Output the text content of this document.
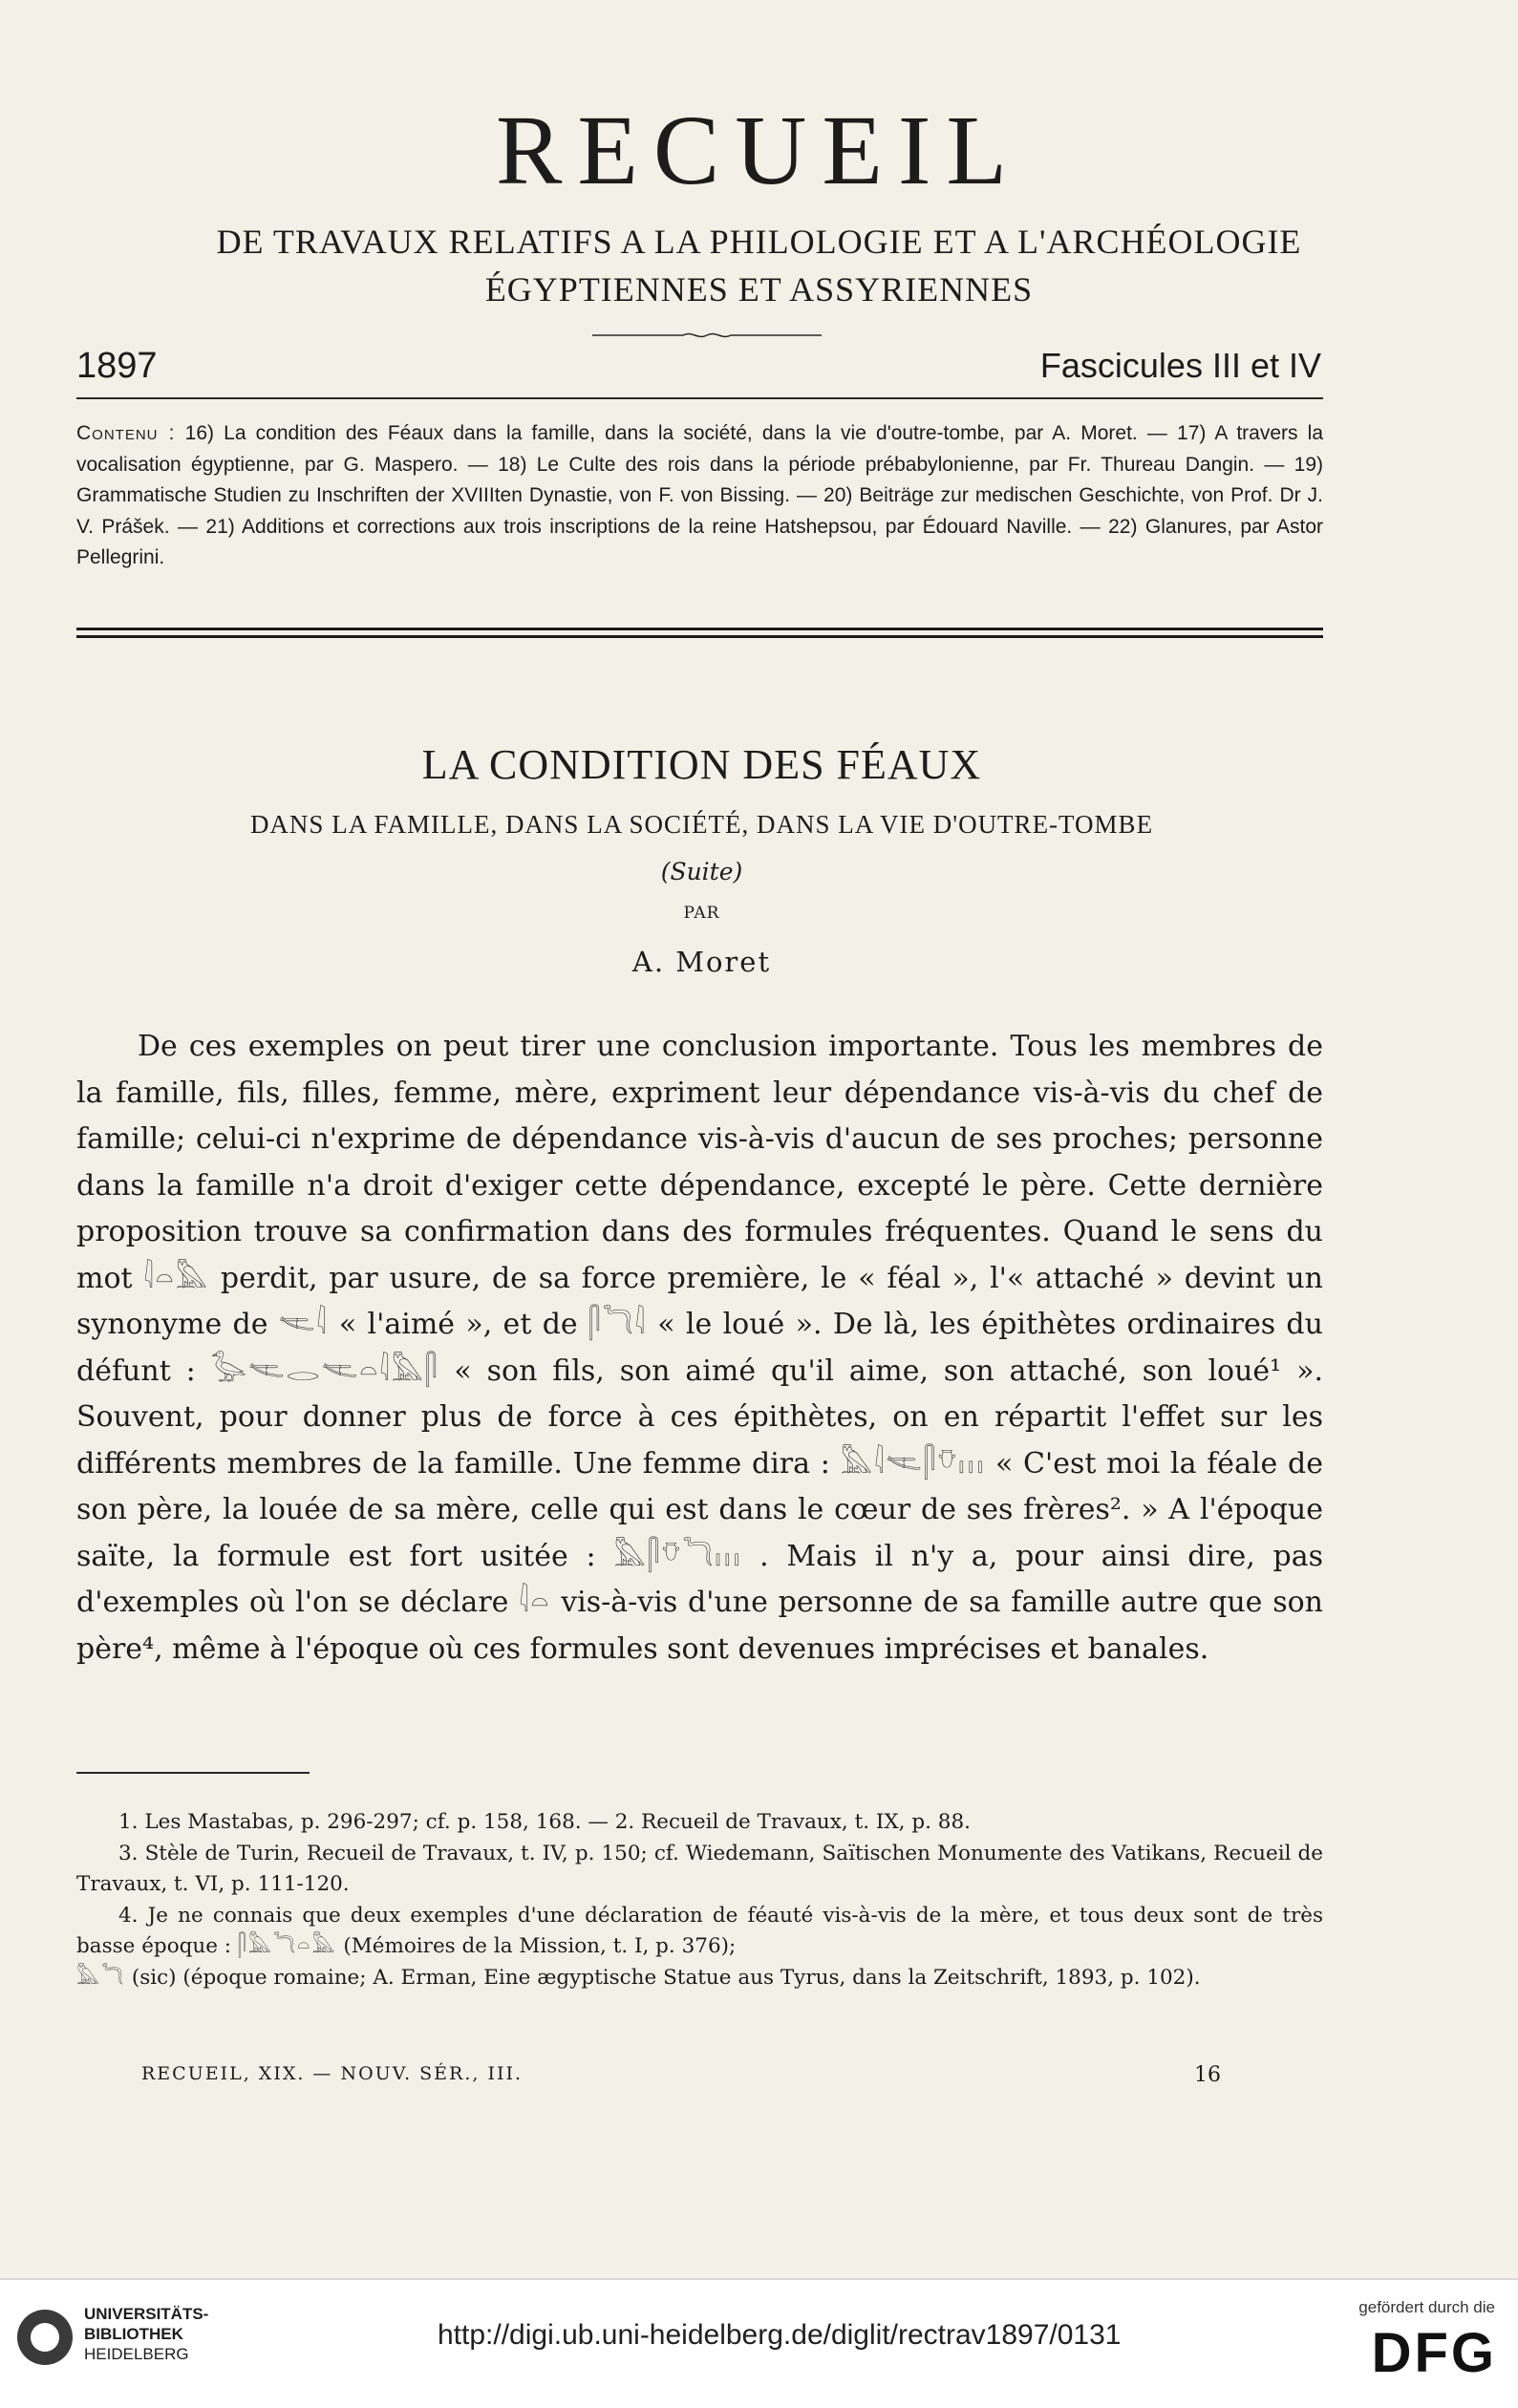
RECUEIL
DE TRAVAUX RELATIFS A LA PHILOLOGIE ET A L'ARCHÉOLOGIE
ÉGYPTIENNES ET ASSYRIENNES
1897	Fascicules III et IV
Contenu : 16) La condition des Féaux dans la famille, dans la société, dans la vie d'outre-tombe, par A. Moret. — 17) A travers la vocalisation égyptienne, par G. Maspero. — 18) Le Culte des rois dans la période prébabylonienne, par Fr. Thureau Dangin. — 19) Grammatische Studien zu Inschriften der XVIIIten Dynastie, von F. von Bissing. — 20) Beiträge zur medischen Geschichte, von Prof. Dr J. V. Prášek. — 21) Additions et corrections aux trois inscriptions de la reine Hatshepsou, par Édouard Naville. — 22) Glanures, par Astor Pellegrini.
LA CONDITION DES FÉAUX
DANS LA FAMILLE, DANS LA SOCIÉTÉ, DANS LA VIE D'OUTRE-TOMBE
(Suite)
PAR
A. Moret

De ces exemples on peut tirer une conclusion importante. Tous les membres de la famille, fils, filles, femme, mère, expriment leur dépendance vis-à-vis du chef de famille; celui-ci n'exprime de dépendance vis-à-vis d'aucun de ses proches; personne dans la famille n'a droit d'exiger cette dépendance, excepté le père. Cette dernière proposition trouve sa confirmation dans des formules fréquentes. Quand le sens du mot 𓇋𓏏𓅓 perdit, par usure, de sa force première, le « féal », l'« attaché » devint un synonyme de 𓌻𓇋 « l'aimé », et de 𓋴𓆓𓇋 « le loué ». De là, les épithètes ordinaires du défunt : 𓅭𓌻𓂋𓌻𓏏𓇋𓅓𓋴 « son fils, son aimé qu'il aime, son attaché, son loué¹ ». Souvent, pour donner plus de force à ces épithètes, on en répartit l'effet sur les différents membres de la famille. Une femme dira : 𓅓𓇋𓌻𓋴𓄣𓏥 « C'est moi la féale de son père, la louée de sa mère, celle qui est dans le cœur de ses frères². » A l'époque saïte, la formule est fort usitée : 𓅓𓋴𓄣𓆓𓏥 . Mais il n'y a, pour ainsi dire, pas d'exemples où l'on se déclare 𓇋𓏏 vis-à-vis d'une personne de sa famille autre que son père⁴, même à l'époque où ces formules sont devenues imprécises et banales.

1. Les Mastabas, p. 296-297; cf. p. 158, 168. — 2. Recueil de Travaux, t. IX, p. 88.

3. Stèle de Turin, Recueil de Travaux, t. IV, p. 150; cf. Wiedemann, Saïtischen Monumente des Vatikans, Recueil de Travaux, t. VI, p. 111-120.

4. Je ne connais que deux exemples d'une déclaration de féauté vis-à-vis de la mère, et tous deux sont de très basse époque : 𓋴𓅓𓆓𓏏𓅓 (Mémoires de la Mission, t. I, p. 376);

𓅓𓆓 (sic) (époque romaine; A. Erman, Eine ægyptische Statue aus Tyrus, dans la Zeitschrift, 1893, p. 102).

RECUEIL, XIX. — NOUV. SÉR., III.	16
UNIVERSITÄTS-
BIBLIOTHEK
HEIDELBERG
http://digi.ub.uni-heidelberg.de/diglit/rectrav1897/0131
gefördert durch die
DFG
